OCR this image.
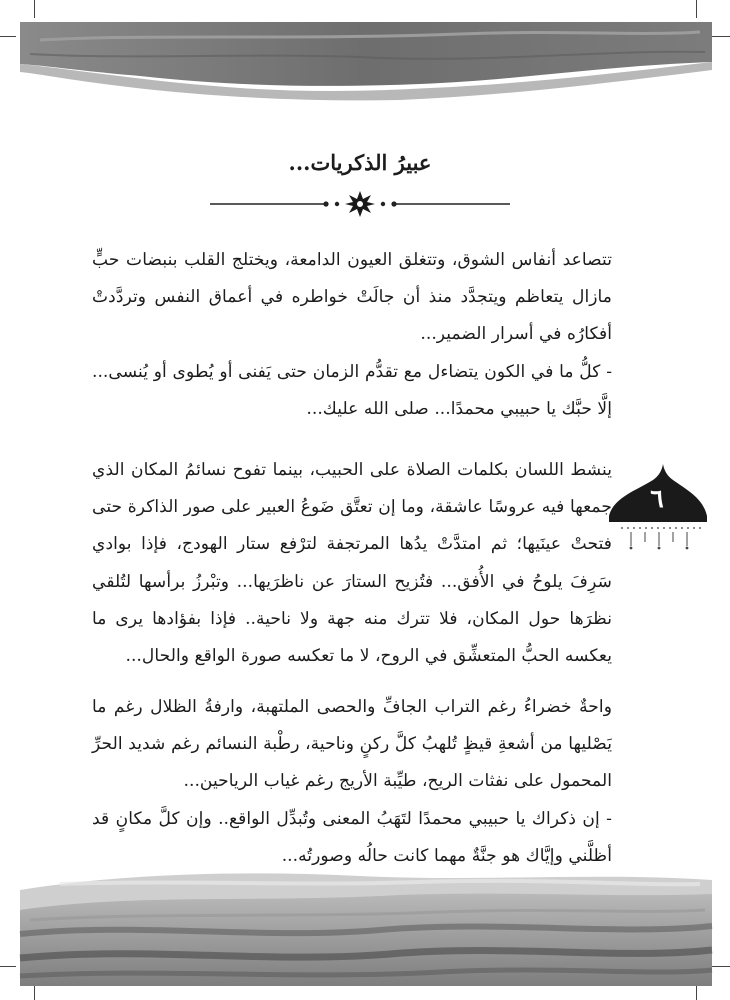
عبيرُ الذكريات...

تتصاعد أنفاس الشوق، وتتغلق العيون الدامعة، ويختلج القلب بنبضات حبٍّ مازال يتعاظم ويتجدَّد منذ أن جالَتْ خواطره في أعماق النفس وتردَّدتْ أفكارُه في أسرار الضمير...
- كلُّ ما في الكون يتضاءل مع تقدُّم الزمان حتى يَفنى أو يُطوى أو يُنسى... إلَّا حبَّك يا حبيبي محمدًا... صلى الله عليك...

ينشط اللسان بكلمات الصلاة على الحبيب، بينما تفوح نسائمُ المكان الذي جمعها فيه عروسًا عاشقة، وما إن تعتَّق ضَوعُ العبير على صور الذاكرة حتى فتحتْ عينَيها؛ ثم امتدَّتْ يدُها المرتجفة لترْفع ستار الهودج، فإذا بوادي سَرِفَ يلوحُ في الأُفق... فتُزيح الستارَ عن ناظرَيها... وتبْرزُ برأسها لتُلقي نظرَها حول المكان، فلا تترك منه جهة ولا ناحية.. فإذا بفؤادها يرى ما يعكسه الحبُّ المتعشِّق في الروح، لا ما تعكسه صورة الواقع والحال...

واحةٌ خضراءُ رغم التراب الجافِّ والحصى الملتهبة، وارفةُ الظلال رغم ما يَصْليها من أشعةِ قيظٍ تُلهبُ كلَّ ركنٍ وناحية، رطْبة النسائم رغم شديد الحرِّ المحمول على نفثات الريح، طيِّبة الأريج رغم غياب الرياحين...
- إن ذكراك يا حبيبي محمدًا لتَهَبُ المعنى وتُبدِّل الواقع.. وإن كلَّ مكانٍ قد أظلَّني وإيَّاك هو جنَّةٌ مهما كانت حالُه وصورتُه...

٦
